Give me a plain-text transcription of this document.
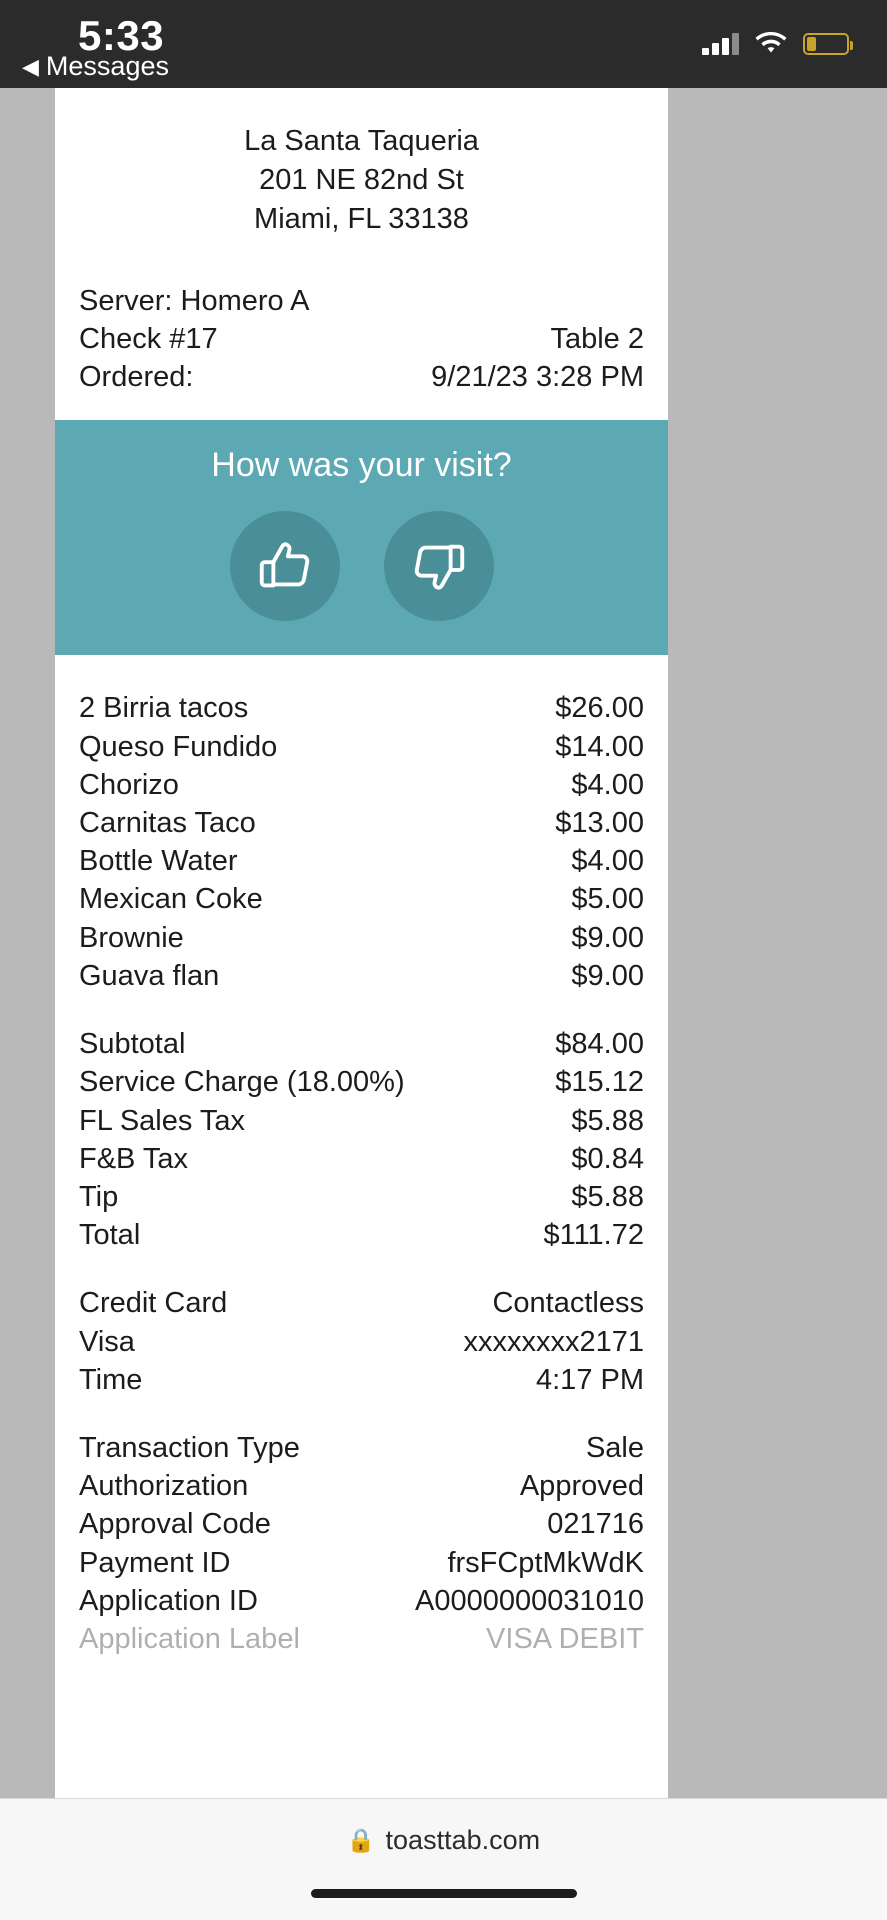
5:33
◀ Messages
La Santa Taqueria
201 NE 82nd St
Miami, FL 33138
Server: Homero A
Check #17	Table 2
Ordered:	9/21/23 3:28 PM
How was your visit?
2 Birria tacos	$26.00
Queso Fundido	$14.00
Chorizo	$4.00
Carnitas Taco	$13.00
Bottle Water	$4.00
Mexican Coke	$5.00
Brownie	$9.00
Guava flan	$9.00
Subtotal	$84.00
Service Charge (18.00%)	$15.12
FL Sales Tax	$5.88
F&B Tax	$0.84
Tip	$5.88
Total	$111.72
Credit Card	Contactless
Visa	xxxxxxxx2171
Time	4:17 PM
Transaction Type	Sale
Authorization	Approved
Approval Code	021716
Payment ID	frsFCptMkWdK
Application ID	A0000000031010
Application Label	VISA DEBIT
🔒 toasttab.com
